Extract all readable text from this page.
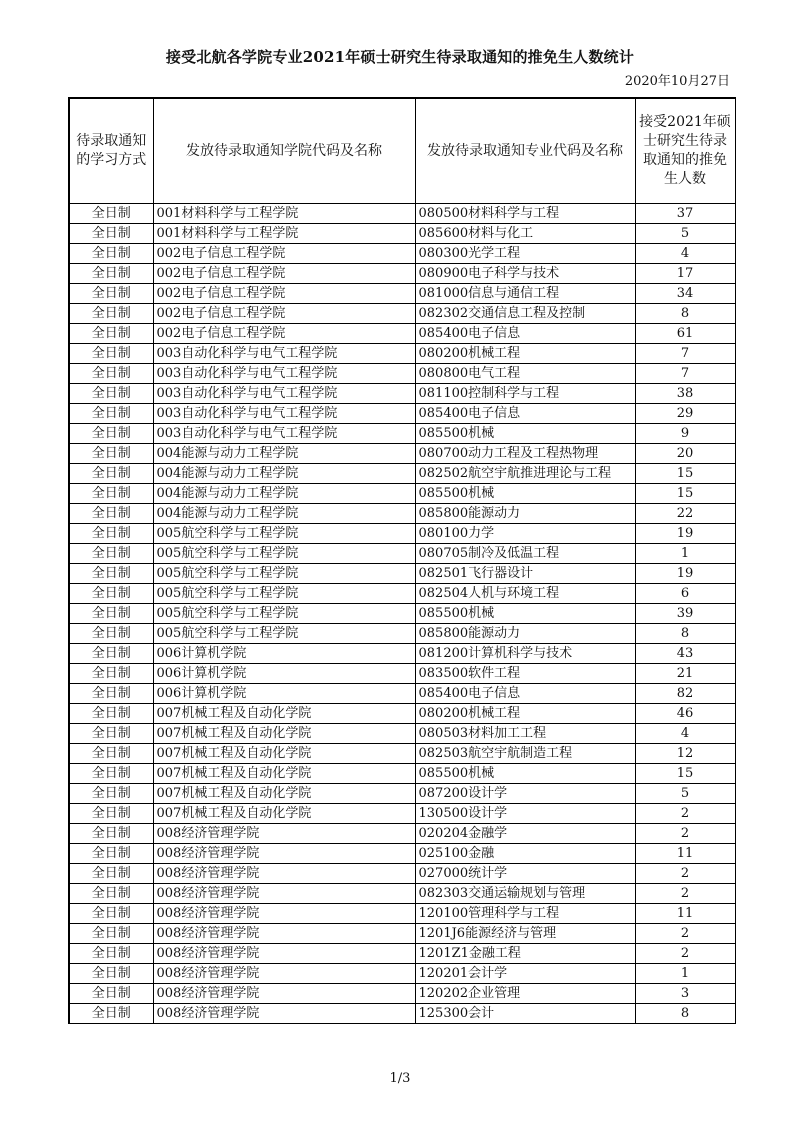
接受北航各学院专业2021年硕士研究生待录取通知的推免生人数统计
2020年10月27日
待录取通知的学习方式	发放待录取通知学院代码及名称	发放待录取通知专业代码及名称	接受2021年硕士研究生待录取通知的推免生人数
全日制	001材料科学与工程学院	080500材料科学与工程	37
全日制	001材料科学与工程学院	085600材料与化工	5
全日制	002电子信息工程学院	080300光学工程	4
全日制	002电子信息工程学院	080900电子科学与技术	17
全日制	002电子信息工程学院	081000信息与通信工程	34
全日制	002电子信息工程学院	082302交通信息工程及控制	8
全日制	002电子信息工程学院	085400电子信息	61
全日制	003自动化科学与电气工程学院	080200机械工程	7
全日制	003自动化科学与电气工程学院	080800电气工程	7
全日制	003自动化科学与电气工程学院	081100控制科学与工程	38
全日制	003自动化科学与电气工程学院	085400电子信息	29
全日制	003自动化科学与电气工程学院	085500机械	9
全日制	004能源与动力工程学院	080700动力工程及工程热物理	20
全日制	004能源与动力工程学院	082502航空宇航推进理论与工程	15
全日制	004能源与动力工程学院	085500机械	15
全日制	004能源与动力工程学院	085800能源动力	22
全日制	005航空科学与工程学院	080100力学	19
全日制	005航空科学与工程学院	080705制冷及低温工程	1
全日制	005航空科学与工程学院	082501飞行器设计	19
全日制	005航空科学与工程学院	082504人机与环境工程	6
全日制	005航空科学与工程学院	085500机械	39
全日制	005航空科学与工程学院	085800能源动力	8
全日制	006计算机学院	081200计算机科学与技术	43
全日制	006计算机学院	083500软件工程	21
全日制	006计算机学院	085400电子信息	82
全日制	007机械工程及自动化学院	080200机械工程	46
全日制	007机械工程及自动化学院	080503材料加工工程	4
全日制	007机械工程及自动化学院	082503航空宇航制造工程	12
全日制	007机械工程及自动化学院	085500机械	15
全日制	007机械工程及自动化学院	087200设计学	5
全日制	007机械工程及自动化学院	130500设计学	2
全日制	008经济管理学院	020204金融学	2
全日制	008经济管理学院	025100金融	11
全日制	008经济管理学院	027000统计学	2
全日制	008经济管理学院	082303交通运输规划与管理	2
全日制	008经济管理学院	120100管理科学与工程	11
全日制	008经济管理学院	1201J6能源经济与管理	2
全日制	008经济管理学院	1201Z1金融工程	2
全日制	008经济管理学院	120201会计学	1
全日制	008经济管理学院	120202企业管理	3
全日制	008经济管理学院	125300会计	8
1/3
